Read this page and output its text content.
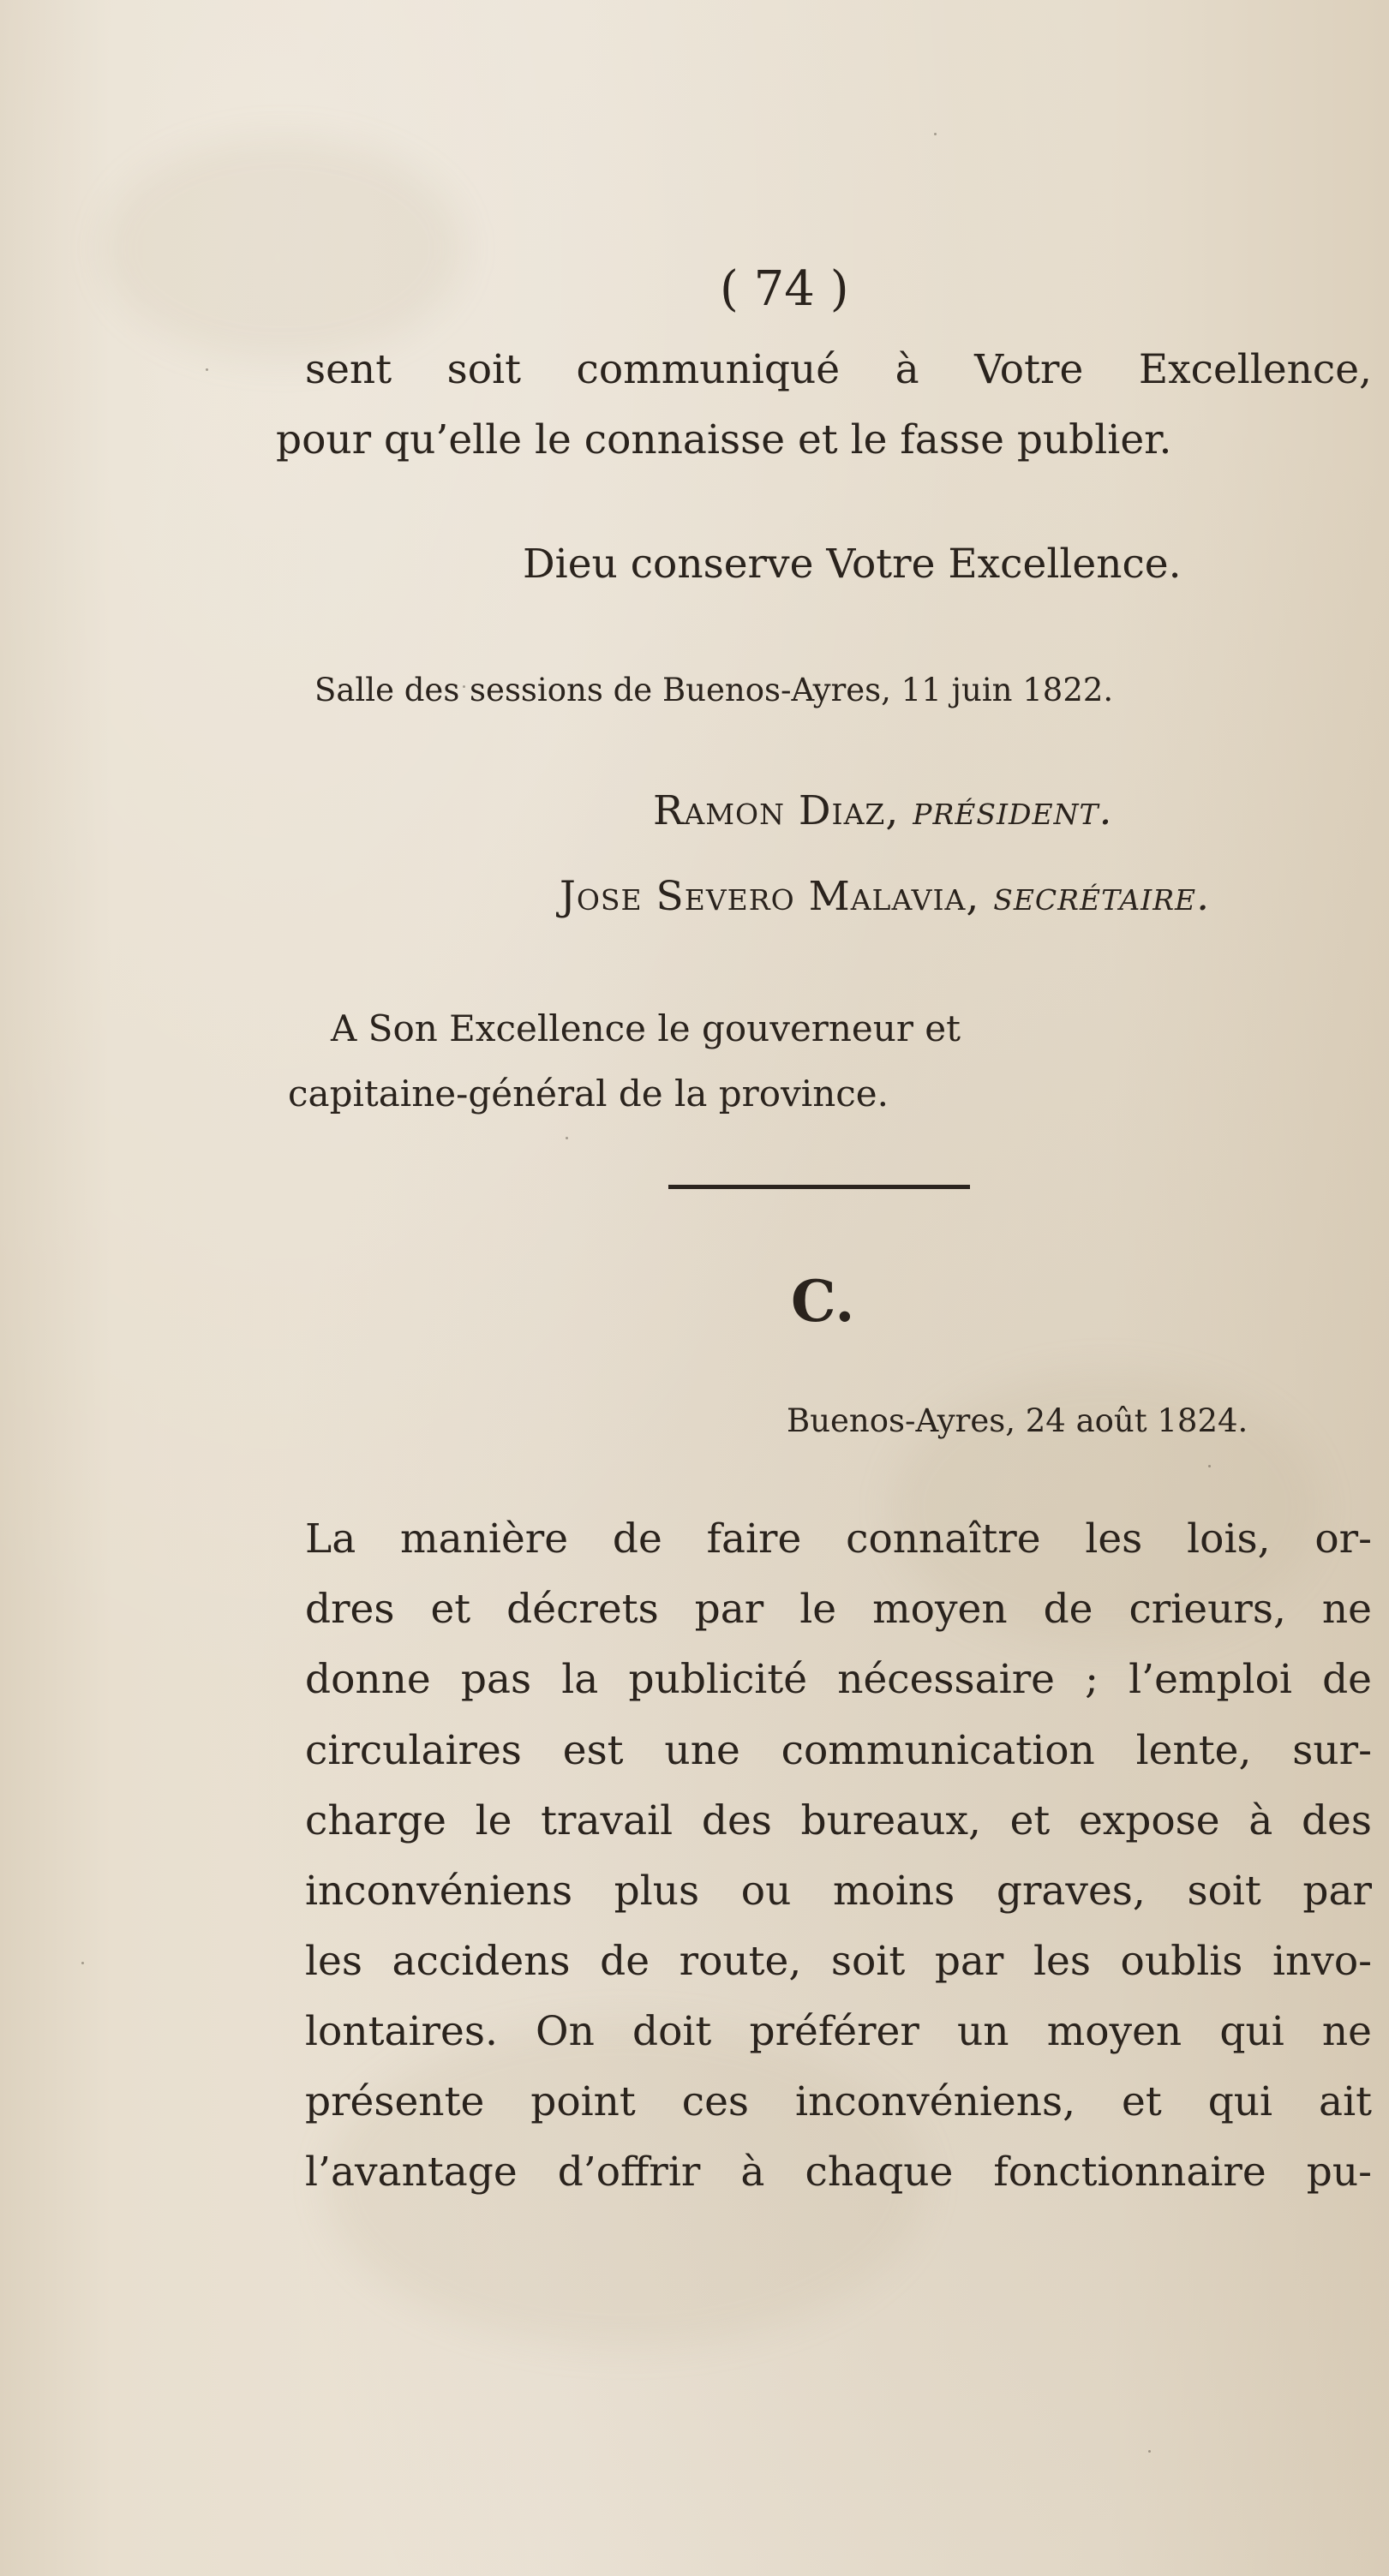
( 74 )
sent soit communiqué à Votre Excellence,
pour qu’elle le connaisse et le fasse publier.
Dieu conserve Votre Excellence.
Salle des sessions de Buenos-Ayres, 11 juin 1822.
Ramon Diaz, président.
Jose Severo Malavia, secrétaire.
A Son Excellence le gouverneur et
capitaine-général de la province.
C.
Buenos-Ayres, 24 août 1824.
La manière de faire connaître les lois, or-
dres et décrets par le moyen de crieurs, ne
donne pas la publicité nécessaire ; l’emploi de
circulaires est une communication lente, sur-
charge le travail des bureaux, et expose à des
inconvéniens plus ou moins graves, soit par
les accidens de route, soit par les oublis invo-
lontaires. On doit préférer un moyen qui ne
présente point ces inconvéniens, et qui ait
l’avantage d’offrir à chaque fonctionnaire pu-
